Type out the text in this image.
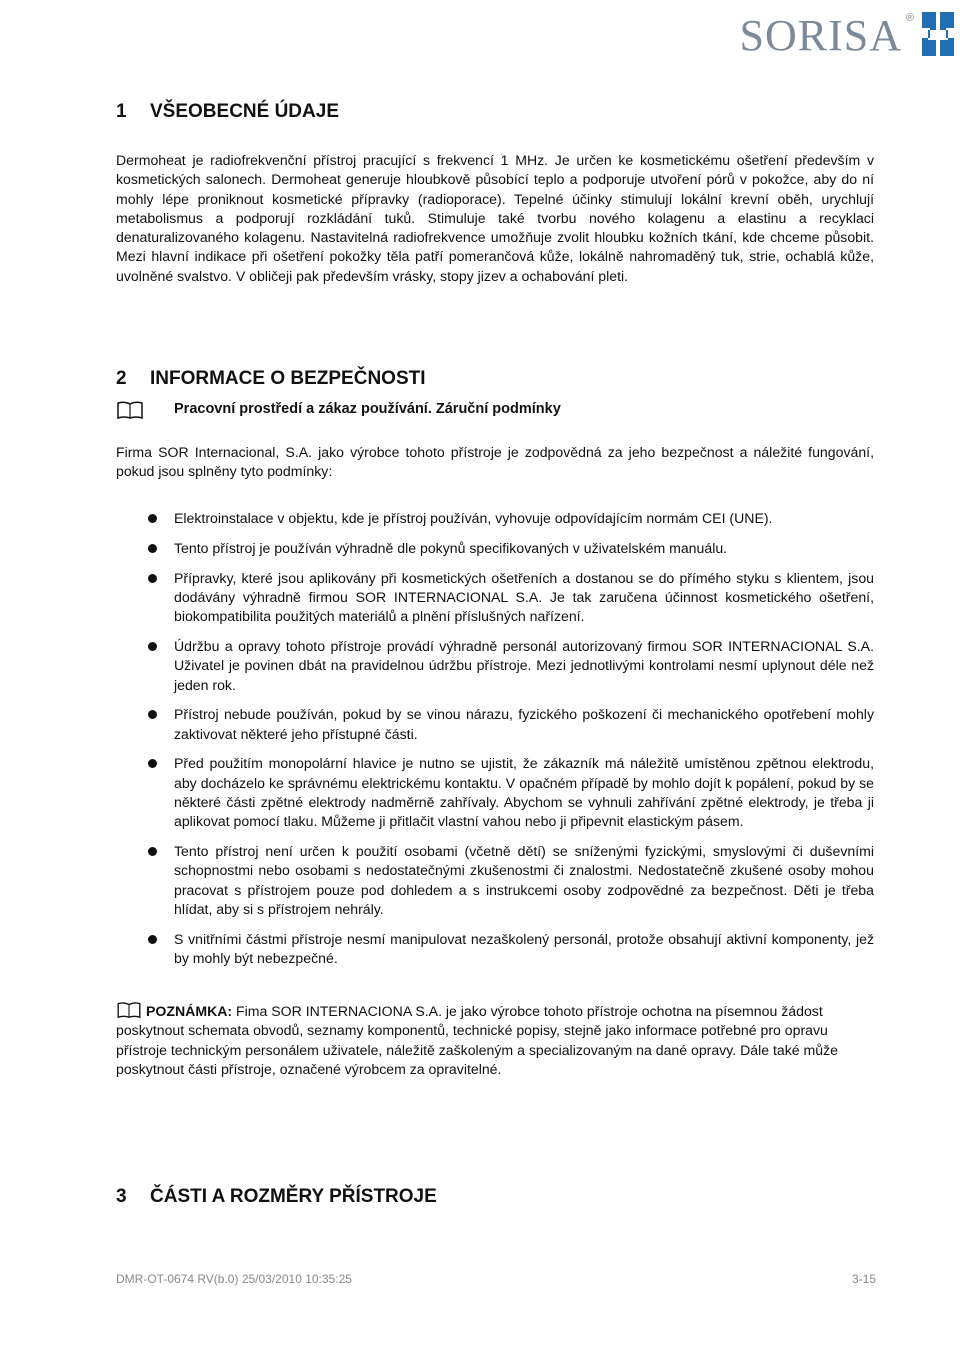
SORISA ®
1 VŠEOBECNÉ ÚDAJE

Dermoheat je radiofrekvenční přístroj pracující s frekvencí 1 MHz. Je určen ke kosmetickému ošetření především v kosmetických salonech. Dermoheat generuje hloubkově působící teplo a podporuje utvoření pórů v pokožce, aby do ní mohly lépe proniknout kosmetické přípravky (radioporace). Tepelné účinky stimulují lokální krevní oběh, urychlují metabolismus a podporují rozkládání tuků. Stimuluje také tvorbu nového kolagenu a elastinu a recyklaci denaturalizovaného kolagenu. Nastavitelná radiofrekvence umožňuje zvolit hloubku kožních tkání, kde chceme působit. Mezi hlavní indikace při ošetření pokožky těla patří pomerančová kůže, lokálně nahromaděný tuk, strie, ochablá kůže, uvolněné svalstvo. V obličeji pak především vrásky, stopy jizev a ochabování pleti.

2 INFORMACE O BEZPEČNOSTI
Pracovní prostředí a zákaz používání. Záruční podmínky

Firma SOR Internacional, S.A. jako výrobce tohoto přístroje je zodpovědná za jeho bezpečnost a náležité fungování, pokud jsou splněny tyto podmínky:

Elektroinstalace v objektu, kde je přístroj používán, vyhovuje odpovídajícím normám CEI (UNE).
Tento přístroj je používán výhradně dle pokynů specifikovaných v uživatelském manuálu.
Přípravky, které jsou aplikovány při kosmetických ošetřeních a dostanou se do přímého styku s klientem, jsou dodávány výhradně firmou SOR INTERNACIONAL S.A. Je tak zaručena účinnost kosmetického ošetření, biokompatibilita použitých materiálů a plnění příslušných nařízení.
Údržbu a opravy tohoto přístroje provádí výhradně personál autorizovaný firmou SOR INTERNACIONAL S.A. Uživatel je povinen dbát na pravidelnou údržbu přístroje. Mezi jednotlivými kontrolami nesmí uplynout déle než jeden rok.
Přístroj nebude používán, pokud by se vinou nárazu, fyzického poškození či mechanického opotřebení mohly zaktivovat některé jeho přístupné části.
Před použitím monopolární hlavice je nutno se ujistit, že zákazník má náležitě umístěnou zpětnou elektrodu, aby docházelo ke správnému elektrickému kontaktu. V opačném případě by mohlo dojít k popálení, pokud by se některé části zpětné elektrody nadměrně zahřívaly. Abychom se vyhnuli zahřívání zpětné elektrody, je třeba ji aplikovat pomocí tlaku. Můžeme ji přitlačit vlastní vahou nebo ji připevnit elastickým pásem.
Tento přístroj není určen k použití osobami (včetně dětí) se sníženými fyzickými, smyslovými či duševními schopnostmi nebo osobami s nedostatečnými zkušenostmi či znalostmi. Nedostatečně zkušené osoby mohou pracovat s přístrojem pouze pod dohledem a s instrukcemi osoby zodpovědné za bezpečnost. Děti je třeba hlídat, aby si s přístrojem nehrály.
S vnitřními částmi přístroje nesmí manipulovat nezaškolený personál, protože obsahují aktivní komponenty, jež by mohly být nebezpečné.
POZNÁMKA: Fima SOR INTERNACIONA S.A. je jako výrobce tohoto přístroje ochotna na písemnou žádost poskytnout schemata obvodů, seznamy komponentů, technické popisy, stejně jako informace potřebné pro opravu přístroje technickým personálem uživatele, náležitě zaškoleným a specializovaným na dané opravy. Dále také může poskytnout části přístroje, označené výrobcem za opravitelné.
3 ČÁSTI A ROZMĚRY PŘÍSTROJE
DMR-OT-0674 RV(b.0) 25/03/2010 10:35:25	3-15
